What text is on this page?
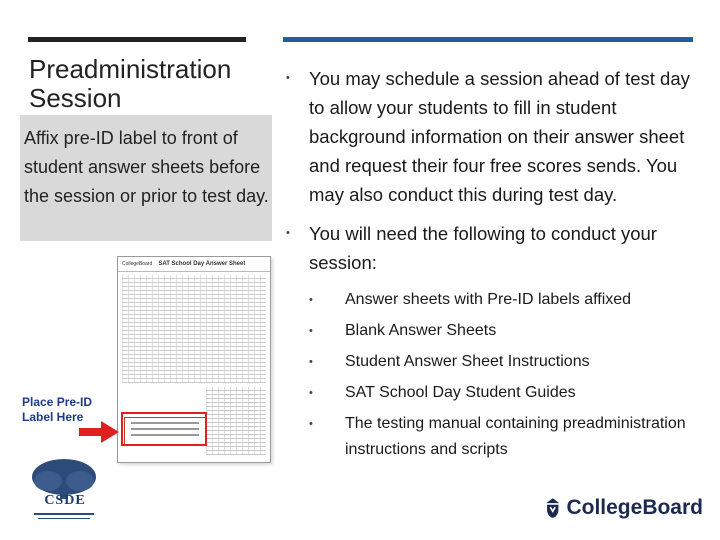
Preadministration Session
Affix pre-ID label to front of student answer sheets before the session or prior to test day.
• You may schedule a session ahead of test day to allow your students to fill in student background information on their answer sheet and request their four free scores sends. You may also conduct this during test day.
• You will need the following to conduct your session:
• Answer sheets with Pre-ID labels affixed
• Blank Answer Sheets
• Student Answer Sheet Instructions
• SAT School Day Student Guides
• The testing manual containing preadministration instructions and scripts
CollegeBoard SAT School Day Answer Sheet
Place Pre-ID Label Here
CSDE	CollegeBoard
